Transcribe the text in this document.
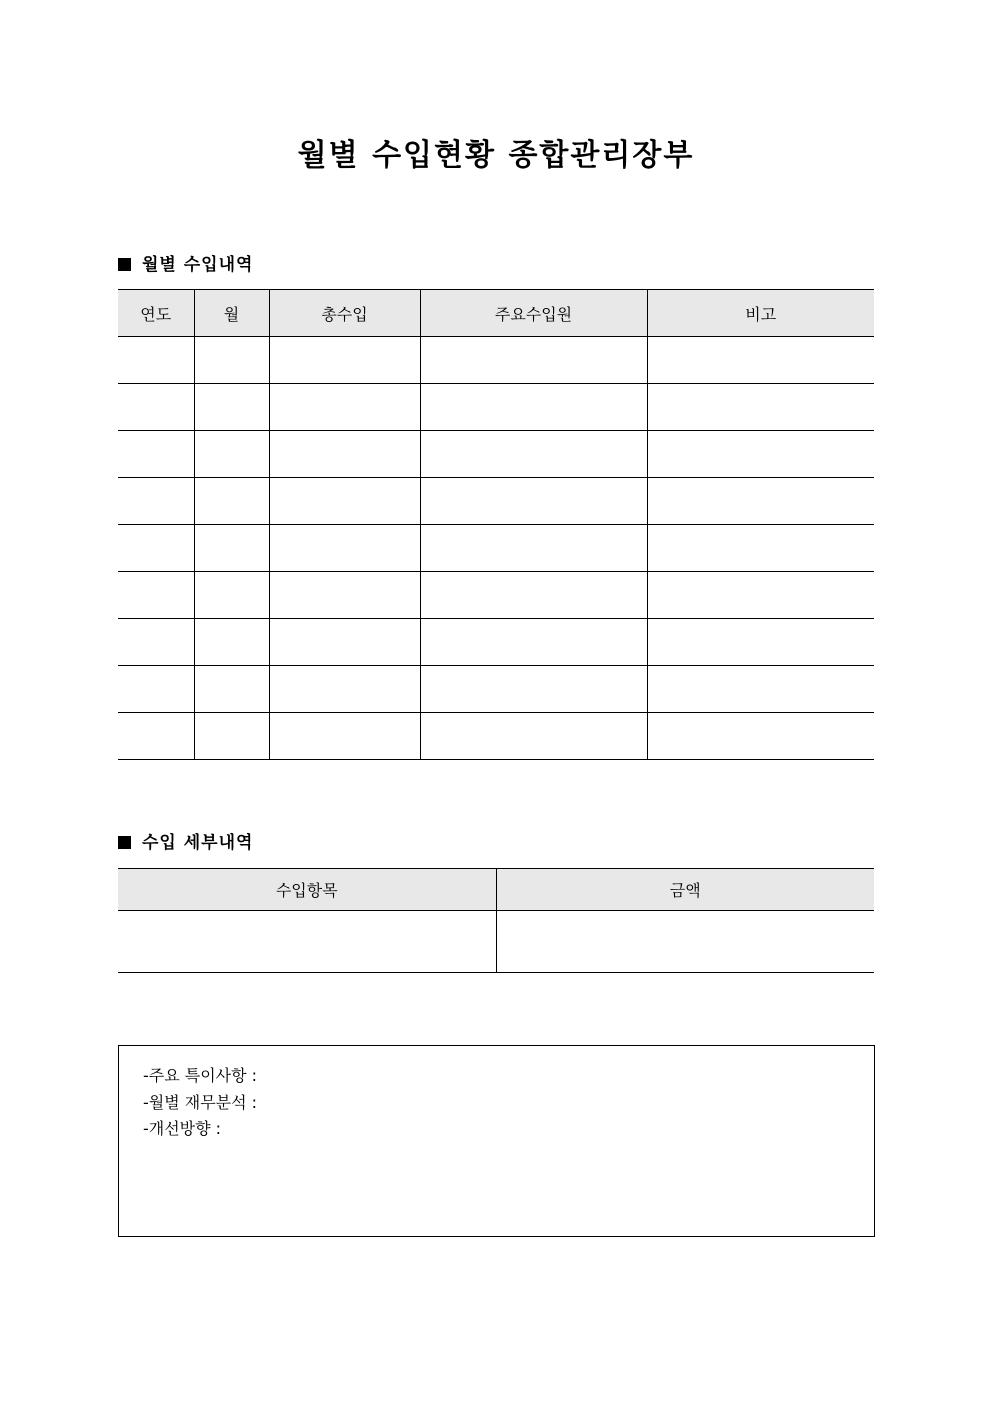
월별 수입현황 종합관리장부
월별 수입내역
연도	월	총수입	주요수입원	비고

수입 세부내역
수입항목	금액

-주요 특이사항 :
-월별 재무분석 :
-개선방향 :
